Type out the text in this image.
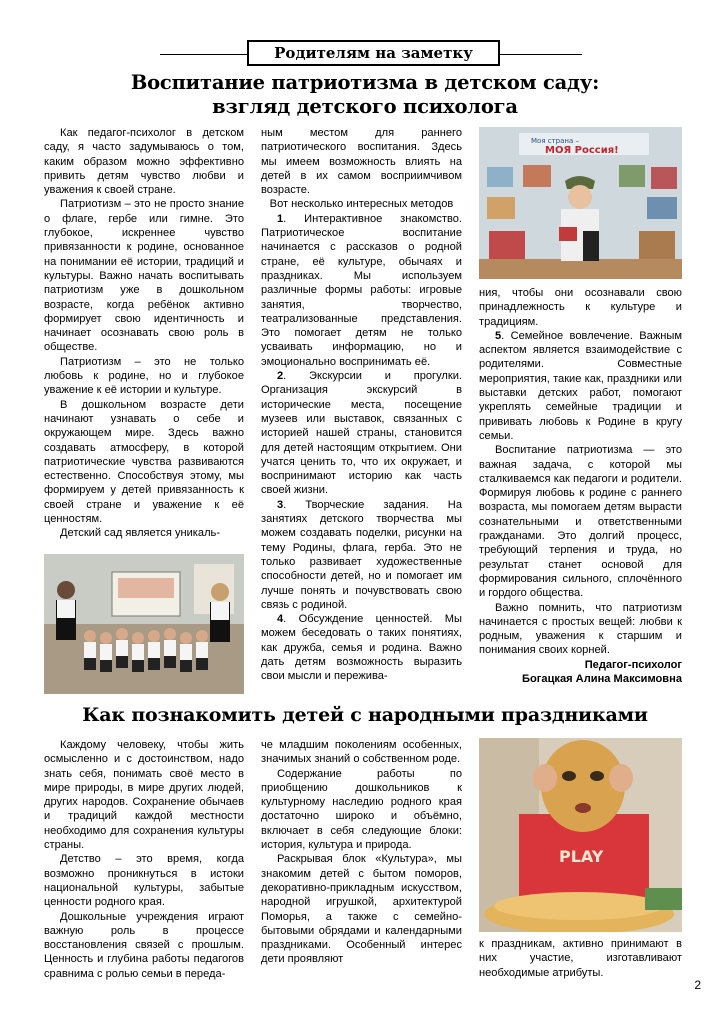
Родителям на заметку
Воспитание патриотизма в детском саду:
взгляд детского психолога

Как педагог-психолог в детском саду, я часто задумываюсь о том, каким образом можно эффективно привить детям чувство любви и уважения к своей стране.

Патриотизм – это не просто знание о флаге, гербе или гимне. Это глубокое, искреннее чувство привязанности к родине, основанное на понимании её истории, традиций и культуры. Важно начать воспитывать патриотизм уже в дошкольном возрасте, когда ребёнок активно формирует свою идентичность и начинает осознавать свою роль в обществе.

Патриотизм – это не только любовь к родине, но и глубокое уважение к её истории и культуре.

В дошкольном возрасте дети начинают узнавать о себе и окружающем мире. Здесь важно создавать атмосферу, в которой патриотические чувства развиваются естественно. Способствуя этому, мы формируем у детей привязанность к своей стране и уважение к её ценностям.

Детский сад является уникаль-

ным местом для раннего патриотического воспитания. Здесь мы имеем возможность влиять на детей в их самом восприимчивом возрасте.

Вот несколько интересных методов

1. Интерактивное знакомство. Патриотическое воспитание начинается с рассказов о родной стране, её культуре, обычаях и праздниках. Мы используем различные формы работы: игровые занятия, творчество, театрализованные представления. Это помогает детям не только усваивать информацию, но и эмоционально воспринимать её.

2. Экскурсии и прогулки. Организация экскурсий в исторические места, посещение музеев или выставок, связанных с историей нашей страны, становится для детей настоящим открытием. Они учатся ценить то, что их окружает, и воспринимают историю как часть своей жизни.

3. Творческие задания. На занятиях детского творчества мы можем создавать поделки, рисунки на тему Родины, флага, герба. Это не только развивает художественные способности детей, но и помогает им лучше понять и почувствовать свою связь с родиной.

4. Обсуждение ценностей. Мы можем беседовать о таких понятиях, как дружба, семья и родина. Важно дать детям возможность выразить свои мысли и пережива-

Моя страна –
МОЯ Россия!

ния, чтобы они осознавали свою принадлежность к культуре и традициям.

5. Семейное вовлечение. Важным аспектом является взаимодействие с родителями. Совместные мероприятия, такие как, праздники или выставки детских работ, помогают укреплять семейные традиции и прививать любовь к Родине в кругу семьи.

Воспитание патриотизма — это важная задача, с которой мы сталкиваемся как педагоги и родители. Формируя любовь к родине с раннего возраста, мы помогаем детям вырасти сознательными и ответственными гражданами. Это долгий процесс, требующий терпения и труда, но результат станет основой для формирования сильного, сплочённого и гордого общества.

Важно помнить, что патриотизм начинается с простых вещей: любви к родным, уважения к старшим и понимания своих корней.

Педагог-психолог

Богацкая Алина Максимовна

Как познакомить детей с народными праздниками

Каждому человеку, чтобы жить осмысленно и с достоинством, надо знать себя, понимать своё место в мире природы, в мире других людей, других народов. Сохранение обычаев и традиций каждой местности необходимо для сохранения культуры страны.

Детство – это время, когда возможно проникнуться в истоки национальной культуры, забытые ценности родного края.

Дошкольные учреждения играют важную роль в процессе восстановления связей с прошлым. Ценность и глубина работы педагогов сравнима с ролью семьи в переда-

че младшим поколениям особенных, значимых знаний о собственном роде.

Содержание работы по приобщению дошкольников к культурному наследию родного края достаточно широко и объёмно, включает в себя следующие блоки: история, культура и природа.

Раскрывая блок «Культура», мы знакомим детей с бытом поморов, декоративно-прикладным искусством, народной игрушкой, архитектурой Поморья, а также с семейно-бытовыми обрядами и календарными праздниками. Особенный интерес дети проявляют

PLAY

к праздникам, активно принимают в них участие, изготавливают необходимые атрибуты.

2
